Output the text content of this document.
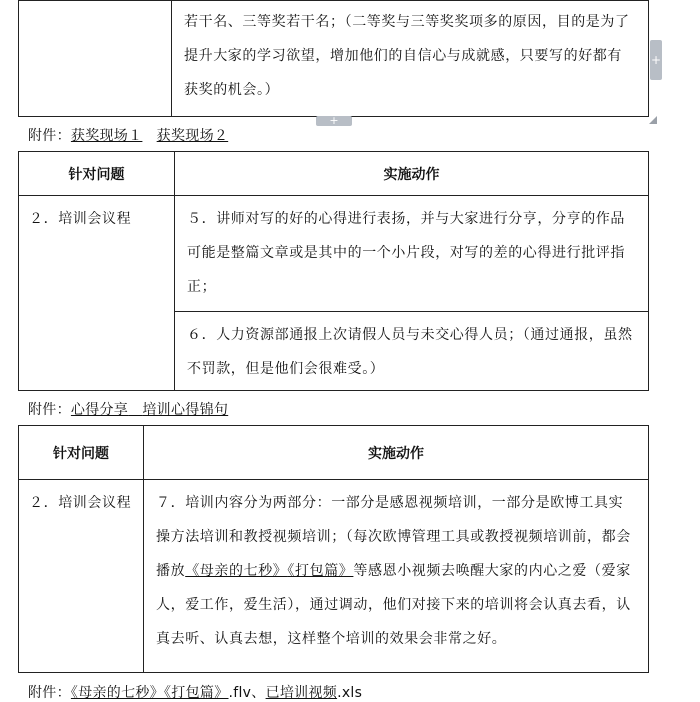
若干名、三等奖若干名；（二等奖与三等奖奖项多的原因，目的是为了提升大家的学习欲望，增加他们的自信心与成就感，只要写的好都有获奖的机会。）
+
+
附件：获奖现场１ 获奖现场２
针对问题	实施动作

２．培训会议程	５．讲师对写的好的心得进行表扬，并与大家进行分亨，分亨的作品可能是整篇文章或是其中的一个小片段，对写的差的心得进行批评指正；

	６．人力资源部通报上次请假人员与未交心得人员；（通过通报，虽然不罚款，但是他们会很难受。）
附件：心得分享 培训心得锦句
针对问题	实施动作

２．培训会议程	７．培训内容分为两部分：一部分是感恩视频培训，一部分是欧博工具实操方法培训和教授视频培训；（每次欧博管理工具或教授视频培训前，都会播放《母亲的七秒》《打包篇》等感恩小视频去唤醒大家的内心之爱（爱家人，爱工作，爱生活），通过调动，他们对接下来的培训将会认真去看，认真去听、认真去想，这样整个培训的效果会非常之好。
附件：《母亲的七秒》《打包篇》.flv、已培训视频.xls
